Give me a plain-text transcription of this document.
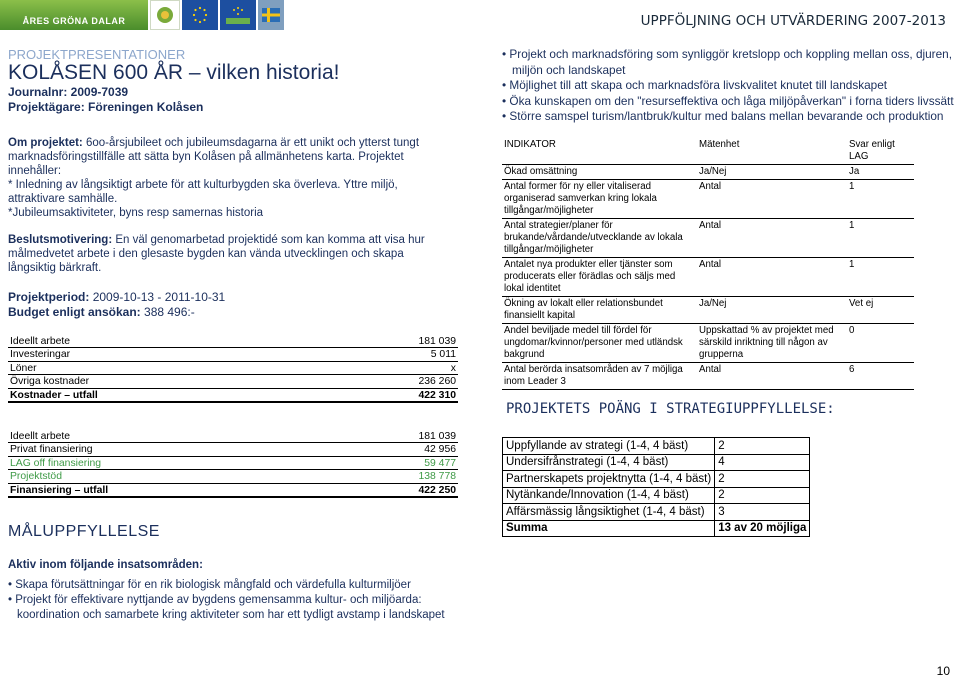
ÅRES GRÖNA DALAR	UPPFÖLJNING OCH UTVÄRDERING 2007-2013
PROJEKTPRESENTATIONER
KOLÅSEN 600 ÅR – vilken historia!
Journalnr: 2009-7039
Projektägare: Föreningen Kolåsen
Om projektet: 6oo-årsjubileet och jubileumsdagarna är ett unikt och ytterst tungt marknadsföringstillfälle att sätta byn Kolåsen på allmänhetens karta. Projektet innehåller:
* Inledning av långsiktigt arbete för att kulturbygden ska överleva. Yttre miljö, attraktivare samhälle.
*Jubileumsaktiviteter, byns resp samernas historia
Beslutsmotivering: En väl genomarbetad projektidé som kan komma att visa hur målmedvetet arbete i den glesaste bygden kan vända utvecklingen och skapa långsiktig bärkraft.
Projektperiod: 2009-10-13 - 2011-10-31
Budget enligt ansökan: 388 496:-
Ideellt arbete	181 039
Investeringar	5 011
Löner	x
Övriga kostnader	236 260
Kostnader – utfall	422 310
Ideellt arbete	181 039
Privat finansiering	42 956
LAG off finansiering	59 477
Projektstöd	138 778
Finansiering – utfall	422 250
MÅLUPPFYLLELSE
Aktiv inom följande insatsområden:
• Skapa förutsättningar för en rik biologisk mångfald och värdefulla kulturmiljöer
• Projekt för effektivare nyttjande av bygdens gemensamma kultur- och miljöarda: koordination och samarbete kring aktiviteter som har ett tydligt avstamp i landskapet
• Projekt och marknadsföring som synliggör kretslopp och koppling mellan oss, djuren, miljön och landskapet
• Möjlighet till att skapa och marknadsföra livskvalitet knutet till landskapet
• Öka kunskapen om den "resurseffektiva och låga miljöpåverkan" i forna tiders livssätt
• Större samspel turism/lantbruk/kultur med balans mellan bevarande och produktion
INDIKATOR	Mätenhet	Svar enligt LAG
Ökad omsättning	Ja/Nej	Ja
Antal former för ny eller vitaliserad organiserad samverkan kring lokala tillgångar/möjligheter	Antal	1
Antal strategier/planer för brukande/vårdande/utvecklande av lokala tillgångar/möjligheter	Antal	1
Antalet nya produkter eller tjänster som producerats eller förädlas och säljs med lokal identitet	Antal	1
Ökning av lokalt eller relationsbundet finansiellt kapital	Ja/Nej	Vet ej
Andel beviljade medel till fördel för ungdomar/kvinnor/personer med utländsk bakgrund	Uppskattad % av projektet med särskild inriktning till någon av grupperna	0
Antal berörda insatsområden av 7 möjliga inom Leader 3	Antal	6
PROJEKTETS POÄNG I STRATEGIUPPFYLLELSE:
Uppfyllande av strategi (1-4, 4 bäst)	2
Undersifrånstrategi (1-4, 4 bäst)	4
Partnerskapets projektnytta (1-4, 4 bäst)	2
Nytänkande/Innovation (1-4, 4 bäst)	2
Affärsmässig långsiktighet (1-4, 4 bäst)	3
Summa	13 av 20 möjliga
10
